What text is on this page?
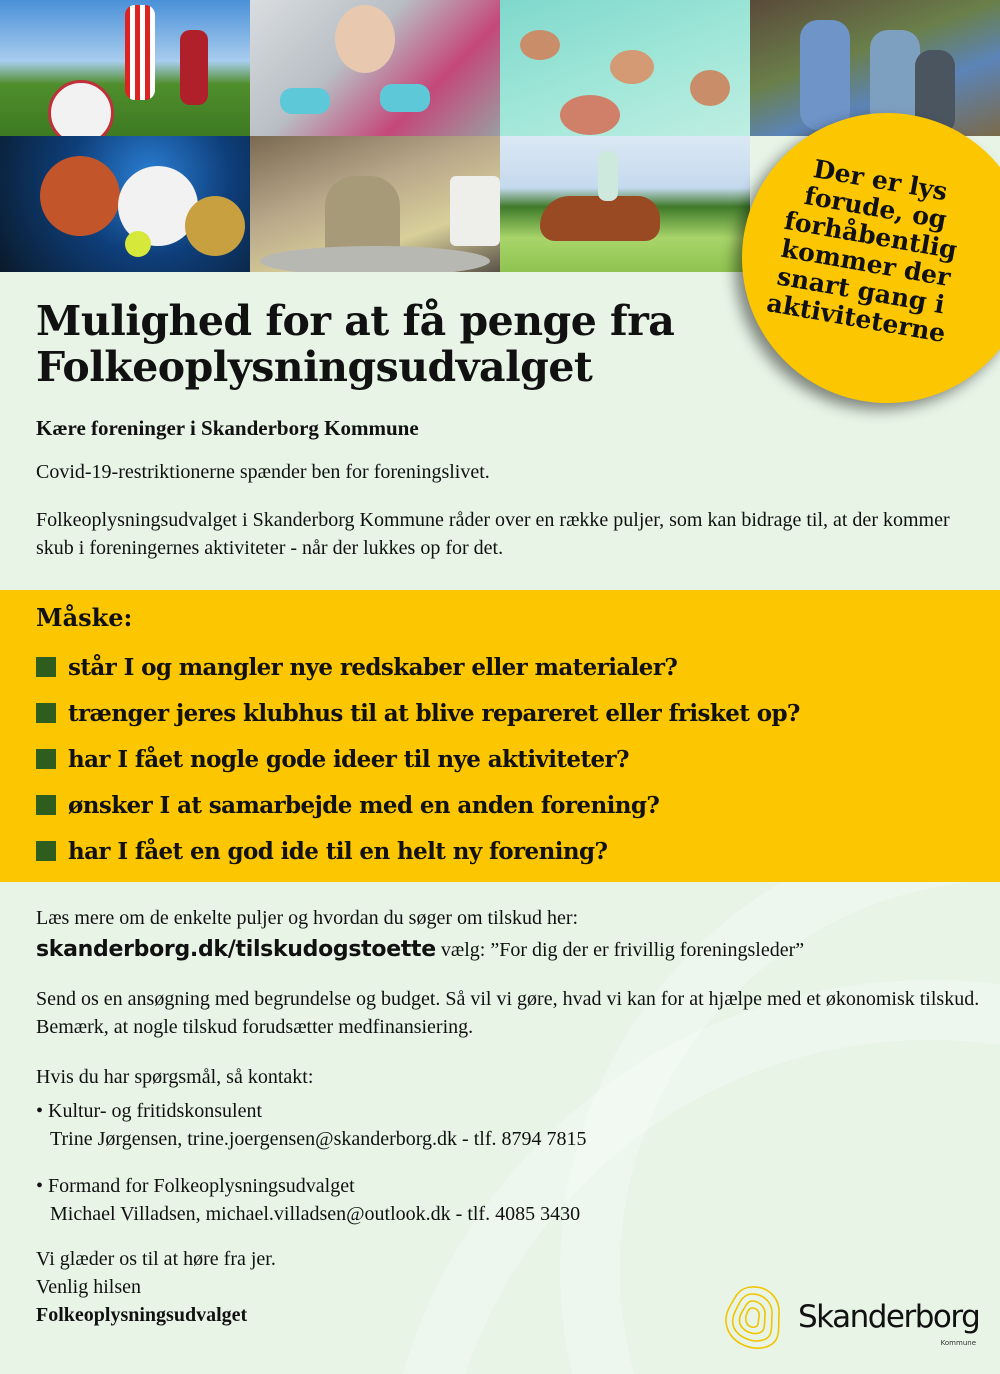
Der er lys forude, og forhåbentlig kommer der snart gang i aktiviteterne
Mulighed for at få penge fra Folkeoplysningsudvalget
Kære foreninger i Skanderborg Kommune

Covid-19-restriktionerne spænder ben for foreningslivet.

Folkeoplysningsudvalget i Skanderborg Kommune råder over en række puljer, som kan bidrage til, at der kommer skub i foreningernes aktiviteter - når der lukkes op for det.

Måske:
står I og mangler nye redskaber eller materialer?
trænger jeres klubhus til at blive repareret eller frisket op?
har I fået nogle gode ideer til nye aktiviteter?
ønsker I at samarbejde med en anden forening?
har I fået en god ide til en helt ny forening?

Læs mere om de enkelte puljer og hvordan du søger om tilskud her:

skanderborg.dk/tilskudogstoette vælg: ”For dig der er frivillig foreningsleder”

Send os en ansøgning med begrundelse og budget. Så vil vi gøre, hvad vi kan for at hjælpe med et økonomisk tilskud. Bemærk, at nogle tilskud forudsætter medfinansiering.

Hvis du har spørgsmål, så kontakt:

• Kultur- og fritidskonsulent
Trine Jørgensen, trine.joergensen@skanderborg.dk - tlf. 8794 7815
• Formand for Folkeoplysningsudvalget
Michael Villadsen, michael.villadsen@outlook.dk - tlf. 4085 3430
Vi glæder os til at høre fra jer.
Venlig hilsen
Folkeoplysningsudvalget	Skanderborg
Kommune
